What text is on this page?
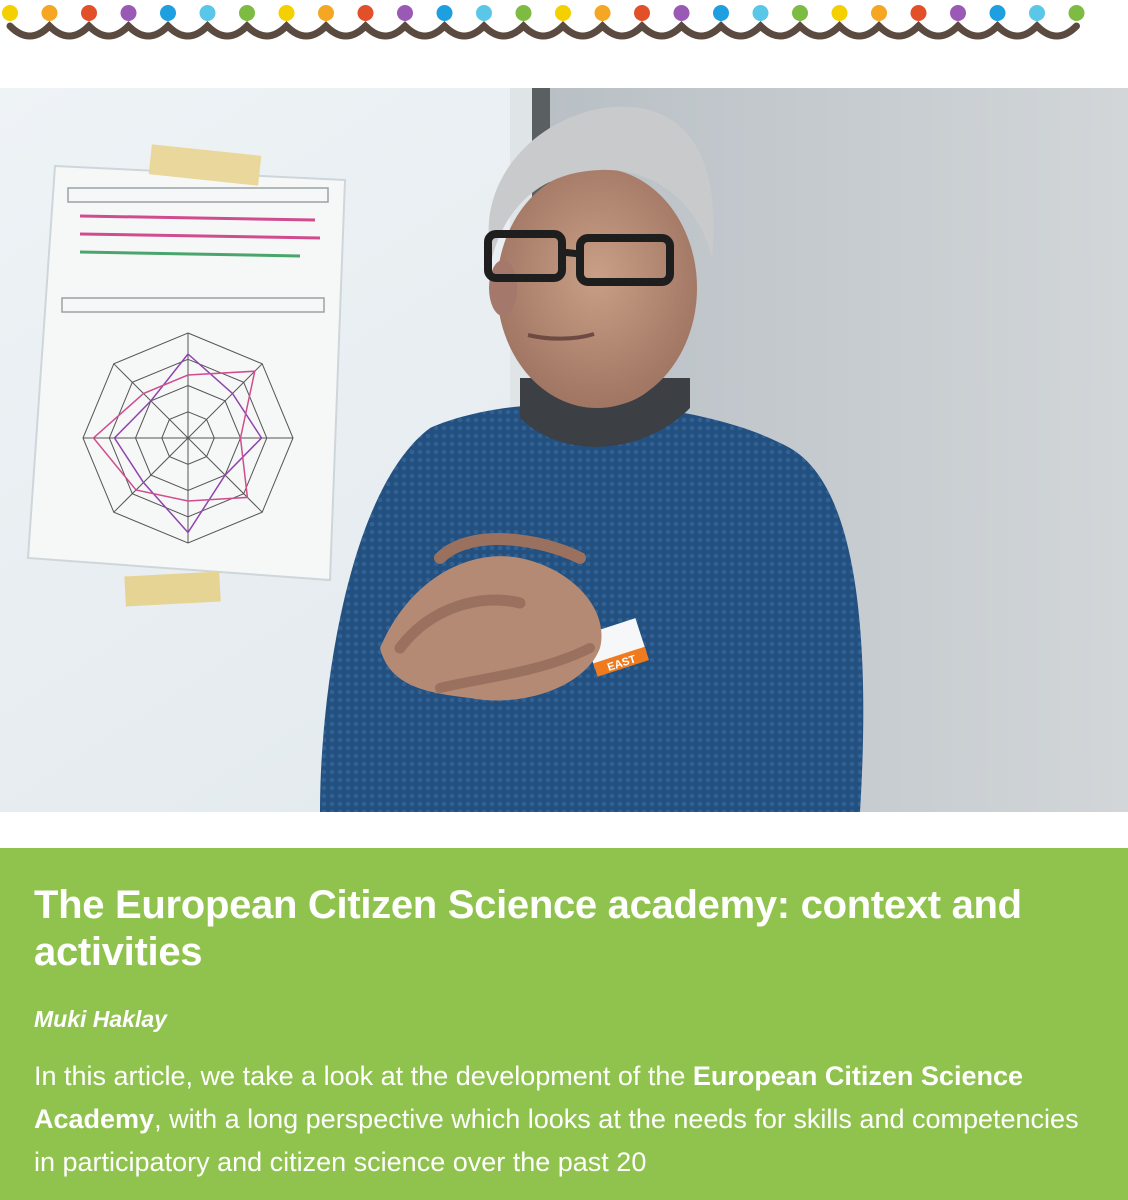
EAST
The European Citizen Science academy: context and activities

Muki Haklay

In this article, we take a look at the development of the European Citizen Science Academy, with a long perspective which looks at the needs for skills and competencies in participatory and citizen science over the past 20
